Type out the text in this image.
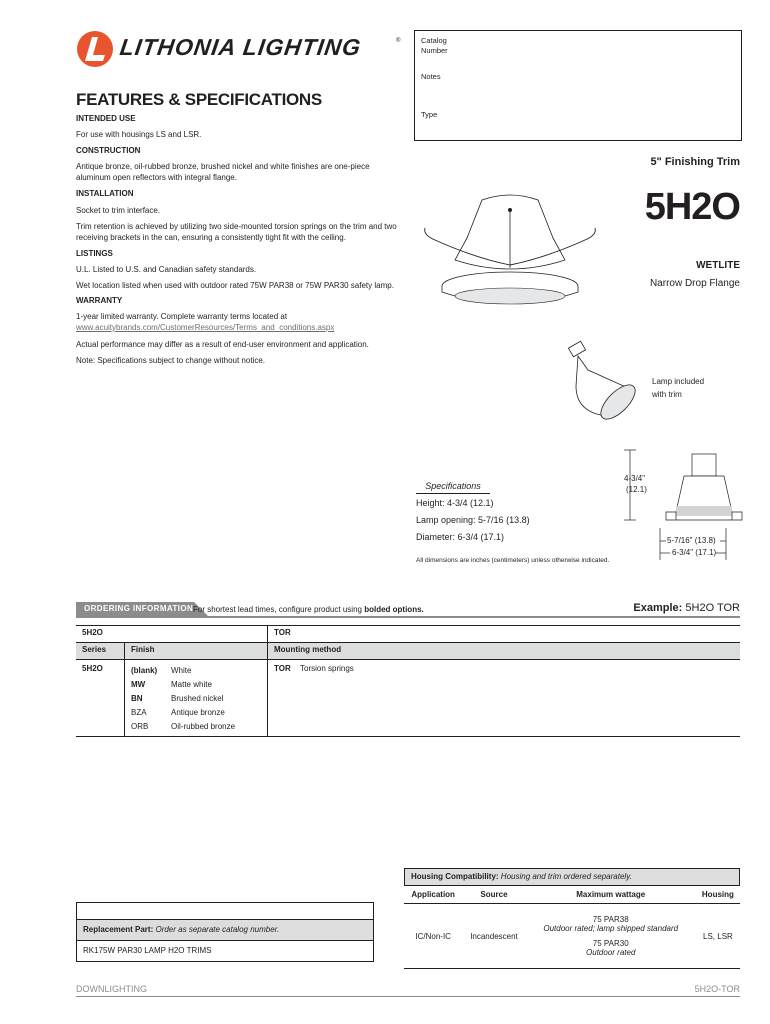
LITHONIA LIGHTING	®	Catalog
Number
Notes
Type
FEATURES & SPECIFICATIONS

INTENDED USE

For use with housings LS and LSR.

CONSTRUCTION

Antique bronze, oil-rubbed bronze, brushed nickel and white finishes are one-piece aluminum open reflectors with integral flange.

INSTALLATION

Socket to trim interface.

Trim retention is achieved by utilizing two side-mounted torsion springs on the trim and two receiving brackets in the can, ensuring a consistently tight fit with the ceiling.

LISTINGS

U.L. Listed to U.S. and Canadian safety standards.

Wet location listed when used with outdoor rated 75W PAR38 or 75W PAR30 safety lamp.

WARRANTY

1-year limited warranty. Complete warranty terms located at

www.acuitybrands.com/CustomerResources/Terms_and_conditions.aspx

Actual performance may differ as a result of end-user environment and application.

Note: Specifications subject to change without notice.

5" Finishing Trim
5H2O
WETLITE
Narrow Drop Flange
Lamp included
with trim
Specifications
Height: 4-3/4 (12.1)
Lamp opening: 5-7/16 (13.8)
Diameter: 6-3/4 (17.1)
All dimensions are inches (centimeters) unless otherwise indicated.
4-3/4"
(12.1)
5-7/16" (13.8)
6-3/4" (17.1)
ORDERING INFORMATION For shortest lead times, configure product using bolded options.	Example: 5H2O TOR
5H2O		TOR
Series	Finish	Mounting method
5H2O	(blank) White
MW Matte white
BN Brushed nickel
BZA Antique bronze
ORB Oil-rubbed bronze	TOR Torsion springs
Housing Compatibility: Housing and trim ordered separately.
Application	Source	Maximum wattage	Housing
IC/Non-IC	Incandescent	75 PAR38
Outdoor rated; lamp shipped standard
75 PAR30
Outdoor rated	LS, LSR
Replacement Part: Order as separate catalog number.
RK175W PAR30 LAMP H2O TRIMS
DOWNLIGHTING	5H2O-TOR
